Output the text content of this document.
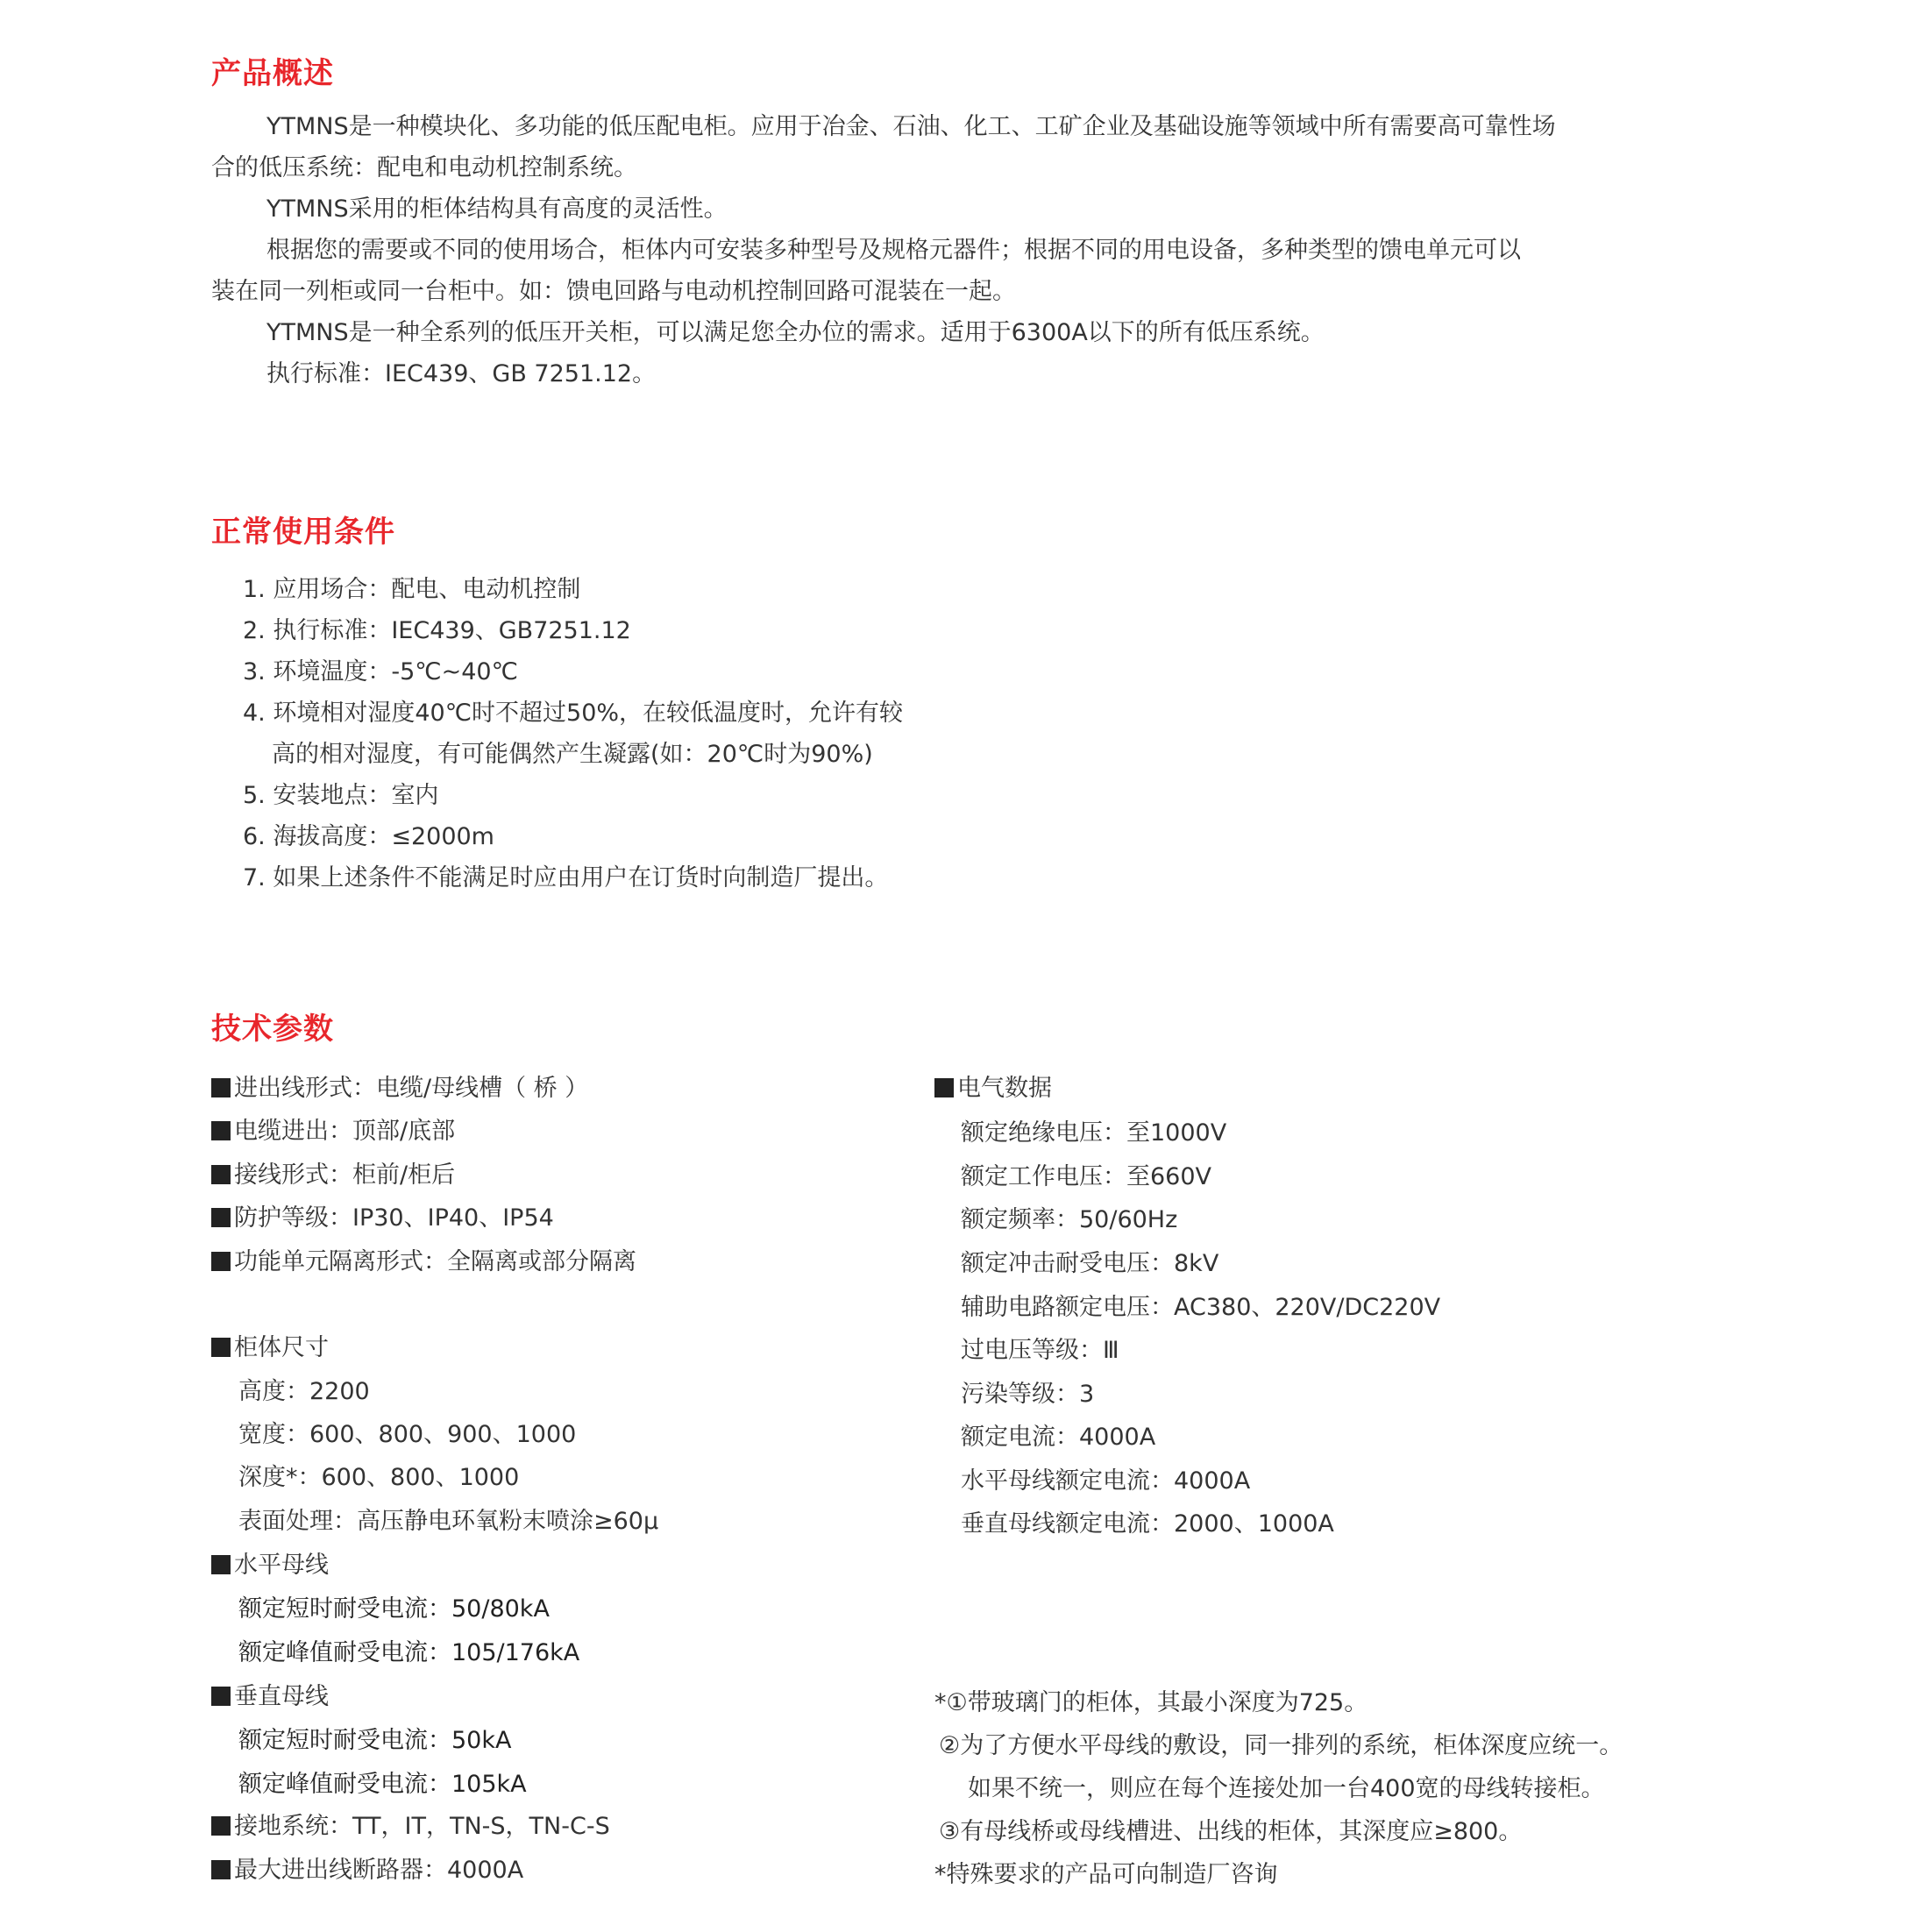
产品概述
YTMNS是一种模块化、多功能的低压配电柜。应用于冶金、石油、化工、工矿企业及基础设施等领域中所有需要高可靠性场
合的低压系统：配电和电动机控制系统。
YTMNS采用的柜体结构具有高度的灵活性。
根据您的需要或不同的使用场合，柜体内可安装多种型号及规格元器件；根据不同的用电设备，多种类型的馈电单元可以
装在同一列柜或同一台柜中。如：馈电回路与电动机控制回路可混装在一起。
YTMNS是一种全系列的低压开关柜，可以满足您全办位的需求。适用于6300A以下的所有低压系统。
执行标准：IEC439、GB 7251.12。
正常使用条件
1. 应用场合：配电、电动机控制
2. 执行标准：IEC439、GB7251.12
3. 环境温度：-5℃~40℃
4. 环境相对湿度40℃时不超过50%，在较低温度时，允许有较
高的相对湿度，有可能偶然产生凝露(如：20℃时为90%)
5. 安装地点：室内
6. 海拔高度：≤2000m
7. 如果上述条件不能满足时应由用户在订货时向制造厂提出。
技术参数
进出线形式：电缆/母线槽（ 桥 ）
电缆进出：顶部/底部
接线形式：柜前/柜后
防护等级：IP30、IP40、IP54
功能单元隔离形式：全隔离或部分隔离
柜体尺寸
高度：2200
宽度：600、800、900、1000
深度*：600、800、1000
表面处理：高压静电环氧粉末喷涂≥60μ
水平母线
额定短时耐受电流：50/80kA
额定峰值耐受电流：105/176kA
垂直母线
额定短时耐受电流：50kA
额定峰值耐受电流：105kA
接地系统：TT，IT，TN-S，TN-C-S
最大进出线断路器：4000A
电气数据
额定绝缘电压：至1000V
额定工作电压：至660V
额定频率：50/60Hz
额定冲击耐受电压：8kV
辅助电路额定电压：AC380、220V/DC220V
过电压等级：Ⅲ
污染等级：3
额定电流：4000A
水平母线额定电流：4000A
垂直母线额定电流：2000、1000A
*①带玻璃门的柜体，其最小深度为725。
②为了方便水平母线的敷设，同一排列的系统，柜体深度应统一。
如果不统一，则应在每个连接处加一台400宽的母线转接柜。
③有母线桥或母线槽进、出线的柜体，其深度应≥800。
*特殊要求的产品可向制造厂咨询
